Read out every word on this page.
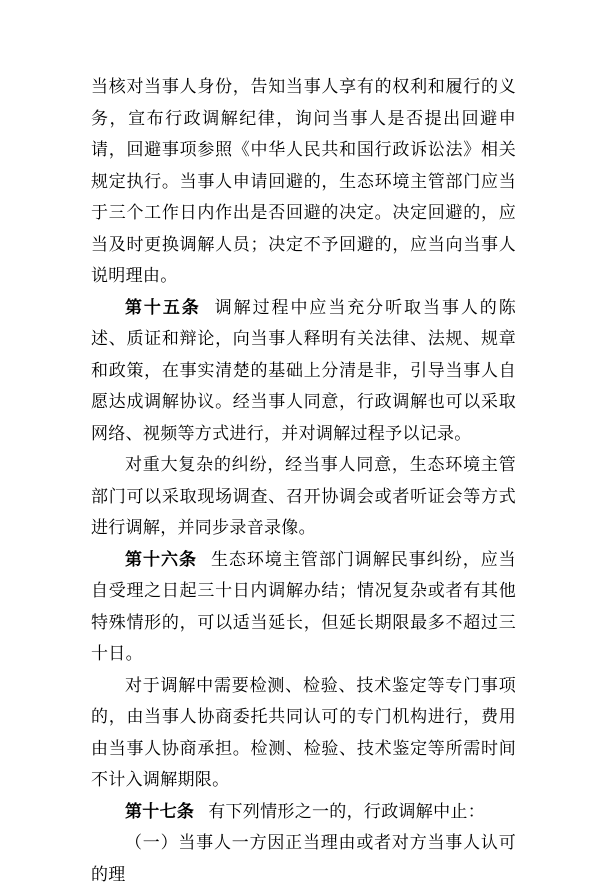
当核对当事人身份，告知当事人享有的权利和履行的义务，宣布行政调解纪律，询问当事人是否提出回避申请，回避事项参照《中华人民共和国行政诉讼法》相关规定执行。当事人申请回避的，生态环境主管部门应当于三个工作日内作出是否回避的决定。决定回避的，应当及时更换调解人员；决定不予回避的，应当向当事人说明理由。

第十五条 调解过程中应当充分听取当事人的陈述、质证和辩论，向当事人释明有关法律、法规、规章和政策，在事实清楚的基础上分清是非，引导当事人自愿达成调解协议。经当事人同意，行政调解也可以采取网络、视频等方式进行，并对调解过程予以记录。

对重大复杂的纠纷，经当事人同意，生态环境主管部门可以采取现场调查、召开协调会或者听证会等方式进行调解，并同步录音录像。

第十六条 生态环境主管部门调解民事纠纷，应当自受理之日起三十日内调解办结；情况复杂或者有其他特殊情形的，可以适当延长，但延长期限最多不超过三十日。

对于调解中需要检测、检验、技术鉴定等专门事项的，由当事人协商委托共同认可的专门机构进行，费用由当事人协商承担。检测、检验、技术鉴定等所需时间不计入调解期限。

第十七条 有下列情形之一的，行政调解中止：

（一）当事人一方因正当理由或者对方当事人认可的理
